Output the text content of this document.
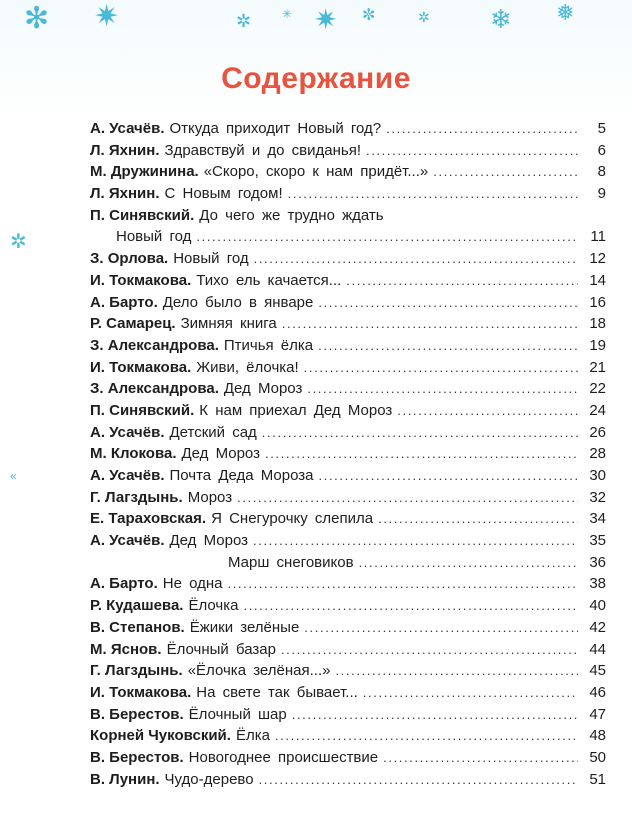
✻ ✷	✲	✳ ✷ ✼	✲ ❄ ❅
✲
«
Содержание
А. Усачёв. Откуда приходит Новый год? . . .	5
Л. Яхнин. Здравствуй и до свиданья! . . .	6
М. Дружинина. «Скоро, скоро к нам придёт...» . . .	8
Л. Яхнин. С Новым годом! . . .	9
П. Синявский. До чего же трудно ждать
Новый год . . .	11
З. Орлова. Новый год . . .	12
И. Токмакова. Тихо ель качается... . . .	14
А. Барто. Дело было в январе . . .	16
Р. Самарец. Зимняя книга . . .	18
З. Александрова. Птичья ёлка . . .	19
И. Токмакова. Живи, ёлочка! . . .	21
З. Александрова. Дед Мороз . . .	22
П. Синявский. К нам приехал Дед Мороз . . .	24
А. Усачёв. Детский сад . . .	26
М. Клокова. Дед Мороз . . .	28
А. Усачёв. Почта Деда Мороза . . .	30
Г. Лагздынь. Мороз . . .	32
Е. Тараховская. Я Снегурочку слепила . . .	34
А. Усачёв. Дед Мороз . . .	35
Марш снеговиков . . .	36
А. Барто. Не одна . . .	38
Р. Кудашева. Ёлочка . . .	40
В. Степанов. Ёжики зелёные . . .	42
М. Яснов. Ёлочный базар . . .	44
Г. Лагздынь. «Ёлочка зелёная...» . . .	45
И. Токмакова. На свете так бывает... . . .	46
В. Берестов. Ёлочный шар . . .	47
Корней Чуковский. Ёлка . . .	48
В. Берестов. Новогоднее происшествие . . .	50
В. Лунин. Чудо-дерево . . .	51
